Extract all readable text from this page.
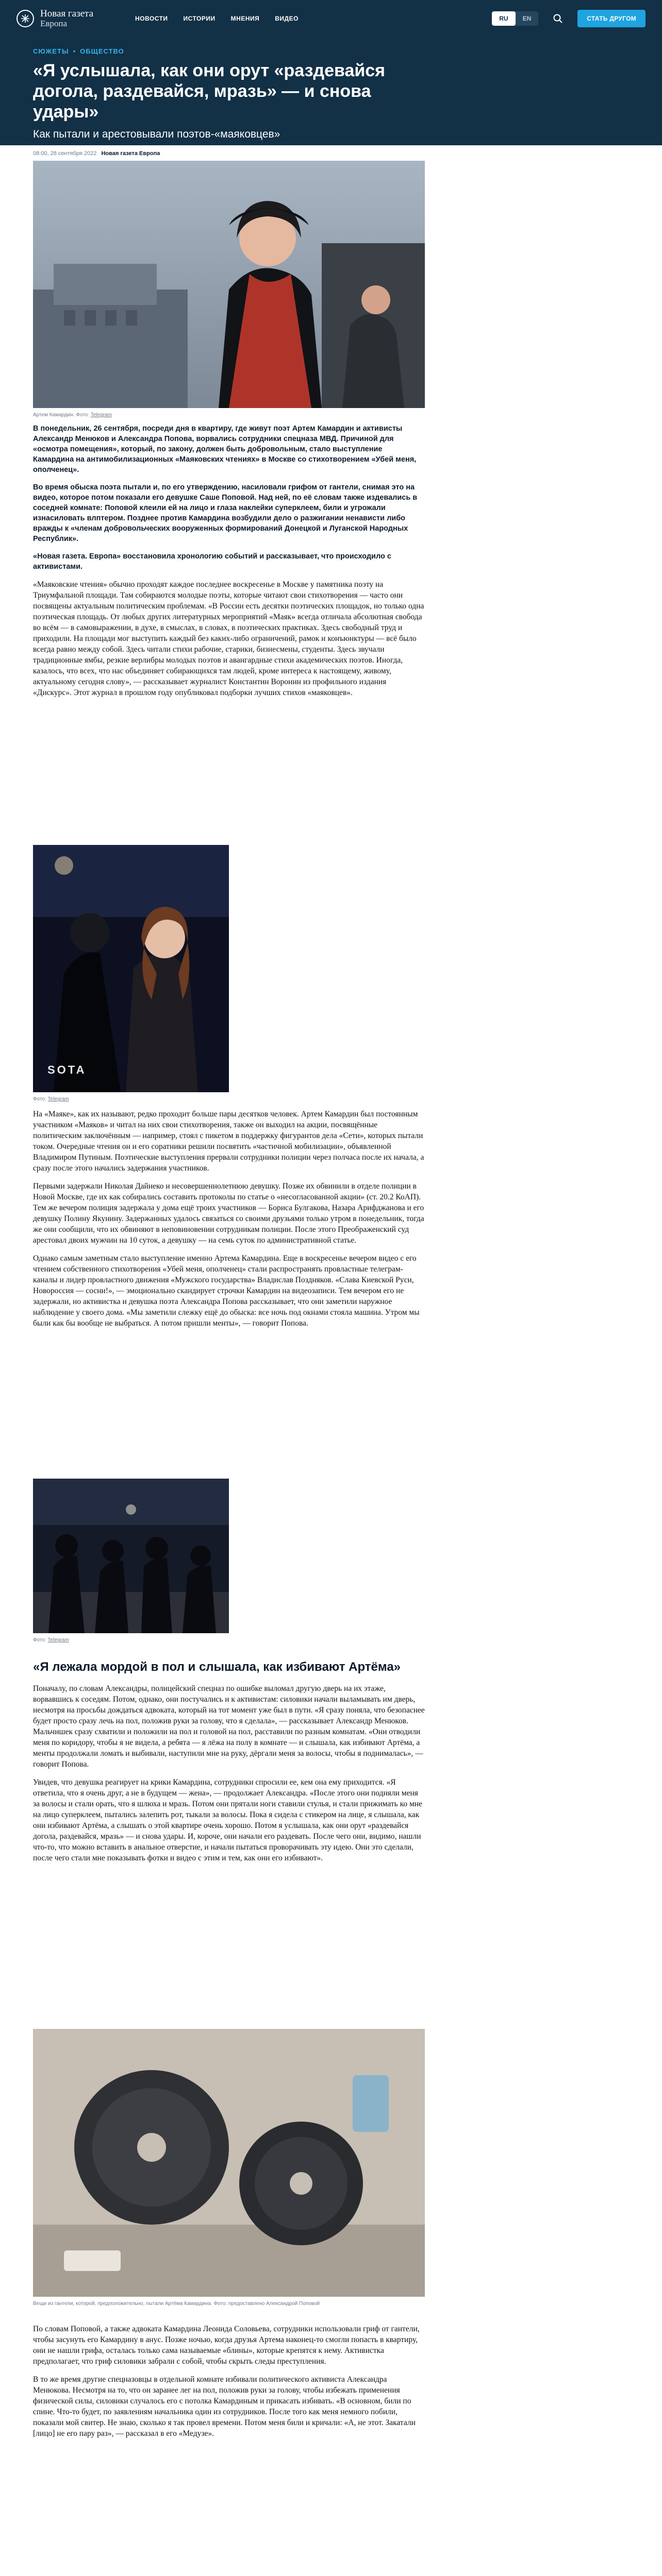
Новая газета
Европа
НОВОСТИ	ИСТОРИИ	МНЕНИЯ	ВИДЕО	RU	EN	СТАТЬ ДРУГОМ
СЮЖЕТЫ • ОБЩЕСТВО
«Я услышала, как они орут «раздевайся догола, раздевайся, мразь» — и снова удары»
Как пытали и арестовывали поэтов-«маяковцев»
08:00, 28 сентября 2022 Новая газета Европа
Артем Камардин. Фото: Telegram

В понедельник, 26 сентября, посреди дня в квартиру, где живут поэт Артем Камардин и активисты Александр Менюков и Александра Попова, ворвались сотрудники спецназа МВД. Причиной для «осмотра помещения», который, по закону, должен быть добровольным, стало выступление Камардина на антимобилизационных «Маяковских чтениях» в Москве со стихотворением «Убей меня, ополченец».

Во время обыска поэта пытали и, по его утверждению, насиловали грифом от гантели, снимая это на видео, которое потом показали его девушке Саше Поповой. Над ней, по её словам также издевались в соседней комнате: Поповой клеили ей на лицо и глаза наклейки суперклеем, били и угрожали изнасиловать влптером. Позднее против Камардина возбудили дело о разжигании ненависти либо вражды к «членам добровольческих вооруженных формирований Донецкой и Луганской Народных Республик».

«Новая газета. Европа» восстановила хронологию событий и рассказывает, что происходило с активистами.

«Маяковские чтения» обычно проходят каждое последнее воскресенье в Москве у памятника поэту на Триумфальной площади. Там собираются молодые поэты, которые читают свои стихотворения — часто они посвящены актуальным политическим проблемам. «В России есть десятки поэтических площадок, но только одна поэтическая площадь. От любых других литературных мероприятий «Маяк» всегда отличала абсолютная свобода во всём — в самовыражении, в духе, в смыслах, в словах, в поэтических практиках. Здесь свободный труд и приходили. На площади мог выступить каждый без каких-либо ограничений, рамок и конъюнктуры — всё было всегда равно между собой. Здесь читали стихи рабочие, старики, бизнесмены, студенты. Здесь звучали традиционные ямбы, резкие верлибры молодых поэтов и авангардные стихи академических поэтов. Иногда, казалось, что всех, что нас объединяет собирающихся там людей, кроме интереса к настоящему, живому, актуальному сегодня слову», — рассказывает журналист Константин Воронин из профильного издания «Дискурс». Этот журнал в прошлом году опубликовал подборки лучших стихов «маяковцев».

SOTA
Фото: Telegram

На «Маяке», как их называют, редко проходит больше пары десятков человек. Артем Камардин был постоянным участником «Маяков» и читал на них свои стихотворения, также он выходил на акции, посвящённые политическим заключённым — например, стоял с пикетом в поддержку фигурантов дела «Сети», которых пытали током. Очередные чтения он и его соратники решили посвятить «частичной мобилизации», объявленной Владимиром Путиным. Поэтические выступления прервали сотрудники полиции через полчаса после их начала, а сразу после этого начались задержания участников.

Первыми задержали Николая Дайнеко и несовершеннолетнюю девушку. Позже их обвинили в отделе полиции в Новой Москве, где их как собирались составить протоколы по статье о «несогласованной акции» (ст. 20.2 КоАП). Тем же вечером полиция задержала у дома ещё троих участников — Бориса Булгакова, Назара Арифджанова и его девушку Полину Якунину. Задержанных удалось связаться со своими друзьями только утром в понедельник, тогда же они сообщили, что их обвиняют в неповиновении сотрудникам полиции. После этого Преображенский суд арестовал двоих мужчин на 10 суток, а девушку — на семь суток по административной статье.

Однако самым заметным стало выступление именно Артема Камардина. Еще в воскресенье вечером видео с его чтением собственного стихотворения «Убей меня, ополченец» стали распространять провластные телеграм-каналы и лидер провластного движения «Мужского государства» Владислав Поздняков. «Слава Киевской Руси, Новороссия — сосни!», — эмоционально скандирует строчки Камардин на видеозаписи. Тем вечером его не задержали, но активистка и девушка поэта Александра Попова рассказывает, что они заметили наружное наблюдение у своего дома. «Мы заметили слежку ещё до обыска: все ночь под окнами стояла машина. Утром мы были как бы вообще не выбраться. А потом пришли менты», — говорит Попова.

Фото: Telegram
«Я лежала мордой в пол и слышала, как избивают Артёма»

Поначалу, по словам Александры, полицейский спецназ по ошибке выломал другую дверь на их этаже, ворвавшись к соседям. Потом, однако, они постучались и к активистам: силовики начали выламывать им дверь, несмотря на просьбы дождаться адвоката, который на тот момент уже был в пути. «Я сразу поняла, что безопаснее будет просто сразу лечь на пол, положив руки за голову, что я сделала», — рассказывает Александр Менюков. Мальчишек сразу схватили и положили на пол и головой на пол, расставили по разным комнатам. «Они отводили меня по коридору, чтобы я не видела, а ребята — я лёжа на полу в комнате — и слышала, как избивают Артёма, а менты продолжали ломать и выбивали, наступили мне на руку, дёргали меня за волосы, чтобы я поднималась», — говорит Попова.

Увидев, что девушка реагирует на крики Камардина, сотрудники спросили ее, кем она ему приходится. «Я ответила, что я очень друг, а не в будущем — жена», — продолжает Александра. «После этого они подняли меня за волосы и стали орать, что я шлюха и мразь. Потом они прятали ноги ставили стулья, и стали прижимать ко мне на лицо суперклеем, пытались залепить рот, тыкали за волосы. Пока я сидела с стикером на лице, я слышала, как они избивают Артёма, а слышать о этой квартире очень хорошо. Потом я услышала, как они орут «раздевайся догола, раздевайся, мразь» — и снова удары. И, короче, они начали его раздевать. После чего они, видимо, нашли что-то, что можно вставить в анальное отверстие, и начали пытаться проворачивать эту идею. Они это сделали, после чего стали мне показывать фотки и видео с этим и тем, как они его избивают».

Вещи из гантели, которой, предположительно, пытали Артёма Камардина. Фото: предоставлено Александрой Поповой

По словам Поповой, а также адвоката Камардина Леонида Соловьева, сотрудники использовали гриф от гантели, чтобы засунуть его Камардину в анус. Позже ночью, когда друзья Артема наконец-то смогли попасть в квартиру, они не нашли грифа, осталась только сама называемые «блины», которые крепятся к нему. Активистка предполагает, что гриф силовики забрали с собой, чтобы скрыть следы преступления.

В то же время другие спецназовцы в отдельной комнате избивали политического активиста Александра Менюкова. Несмотря на то, что он заранее лег на пол, положив руки за голову, чтобы избежать применения физической силы, силовики случалось его с потолка Камардиным и прикасать избивать. «В основном, били по спине. Что-то будет, по заявлениям начальника один из сотрудников. После того как меня немного побили, показали мой свитер. Не знаю, сколько я так провел времени. Потом меня били и кричали: «А, не этот. Закатали [лицо] не его пару раз», — рассказал в его «Медузе».
